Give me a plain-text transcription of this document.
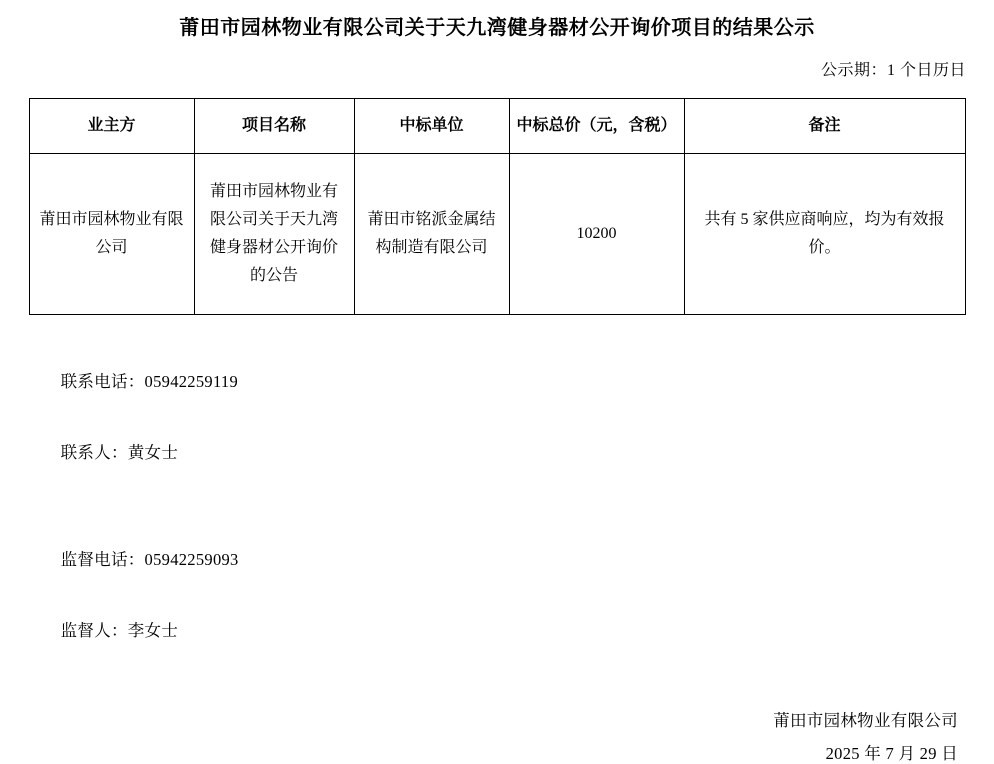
莆田市园林物业有限公司关于天九湾健身器材公开询价项目的结果公示
公示期：1 个日历日
业主方	项目名称	中标单位	中标总价（元，含税）	备注
莆田市园林物业有限公司	莆田市园林物业有限公司关于天九湾健身器材公开询价的公告	莆田市铭派金属结构制造有限公司	10200	共有 5 家供应商响应，均为有效报价。

联系电话：05942259119

联系人：黄女士

监督电话：05942259093

监督人：李女士

莆田市园林物业有限公司
2025 年 7 月 29 日
